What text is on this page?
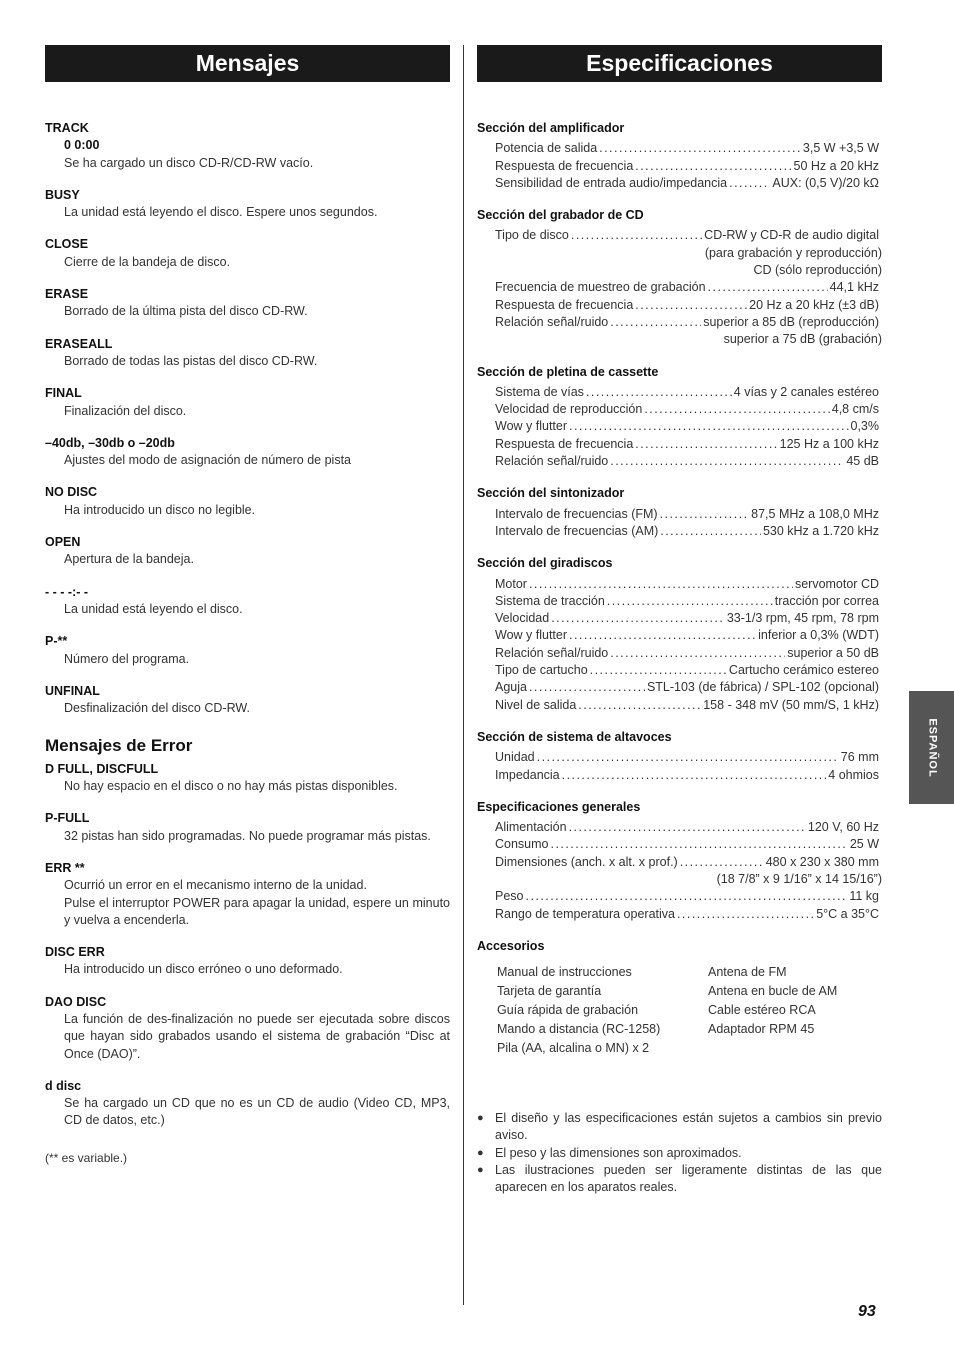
Mensajes
TRACK
0 0:00
Se ha cargado un disco CD-R/CD-RW vacío.
BUSY
La unidad está leyendo el disco. Espere unos segundos.
CLOSE
Cierre de la bandeja de disco.
ERASE
Borrado de la última pista del disco CD-RW.
ERASEALL
Borrado de todas las pistas del disco CD-RW.
FINAL
Finalización del disco.
–40db, –30db o –20db
Ajustes del modo de asignación de número de pista
NO DISC
Ha introducido un disco no legible.
OPEN
Apertura de la bandeja.
- - - -:- -
La unidad está leyendo el disco.
P-**
Número del programa.
UNFINAL
Desfinalización del disco CD-RW.
Mensajes de Error
D FULL, DISCFULL
No hay espacio en el disco o no hay más pistas disponibles.
P-FULL
32 pistas han sido programadas. No puede programar más pistas.
ERR **
Ocurrió un error en el mecanismo interno de la unidad.
Pulse el interruptor POWER para apagar la unidad, espere un minuto y vuelva a encenderla.
DISC ERR
Ha introducido un disco erróneo o uno deformado.
DAO DISC
La función de des-finalización no puede ser ejecutada sobre discos que hayan sido grabados usando el sistema de grabación “Disc at Once (DAO)”.
d disc
Se ha cargado un CD que no es un CD de audio (Video CD, MP3, CD de datos, etc.)
(** es variable.)
Especificaciones
Sección del amplificador
Potencia de salida . . .	3,5 W +3,5 W
Respuesta de frecuencia . . .	50 Hz a 20 kHz
Sensibilidad de entrada audio/impedancia . . .	AUX: (0,5 V)/20 kΩ
Sección del grabador de CD
Tipo de disco . . .	CD-RW y CD-R de audio digital
(para grabación y reproducción)
CD (sólo reproducción)
Frecuencia de muestreo de grabación . . .	44,1 kHz
Respuesta de frecuencia . . .	20 Hz a 20 kHz (±3 dB)
Relación señal/ruido . . .	superior a 85 dB (reproducción)
superior a 75 dB (grabación)
Sección de pletina de cassette
Sistema de vías . . .	4 vías y 2 canales estéreo
Velocidad de reproducción . . .	4,8 cm/s
Wow y flutter . . .	0,3%
Respuesta de frecuencia . . .	125 Hz a 100 kHz
Relación señal/ruido . . .	45 dB
Sección del sintonizador
Intervalo de frecuencias (FM) . . .	87,5 MHz a 108,0 MHz
Intervalo de frecuencias (AM) . . .	530 kHz a 1.720 kHz
Sección del giradiscos
Motor . . .	servomotor CD
Sistema de tracción . . .	tracción por correa
Velocidad . . .	33-1/3 rpm, 45 rpm, 78 rpm
Wow y flutter . . .	inferior a 0,3% (WDT)
Relación señal/ruido . . .	superior a 50 dB
Tipo de cartucho . . .	Cartucho cerámico estereo
Aguja . . .	STL-103 (de fábrica) / SPL-102 (opcional)
Nivel de salida . . .	158 - 348 mV (50 mm/S, 1 kHz)
Sección de sistema de altavoces
Unidad . . .	76 mm
Impedancia . . .	4 ohmios
Especificaciones generales
Alimentación . . .	120 V, 60 Hz
Consumo . . .	25 W
Dimensiones (anch. x alt. x prof.) . . .	480 x 230 x 380 mm
(18 7/8” x 9 1/16” x 14 15/16”)
Peso . . .	11 kg
Rango de temperatura operativa . . .	5°C a 35°C
Accesorios
Manual de instrucciones	Antena de FM
Tarjeta de garantía	Antena en bucle de AM
Guía rápida de grabación	Cable estéreo RCA
Mando a distancia (RC-1258)	Adaptador RPM 45
Pila (AA, alcalina o MN) x 2
● El diseño y las especificaciones están sujetos a cambios sin previo aviso.
● El peso y las dimensiones son aproximados.
● Las ilustraciones pueden ser ligeramente distintas de las que aparecen en los aparatos reales.
ESPAÑOL
93
